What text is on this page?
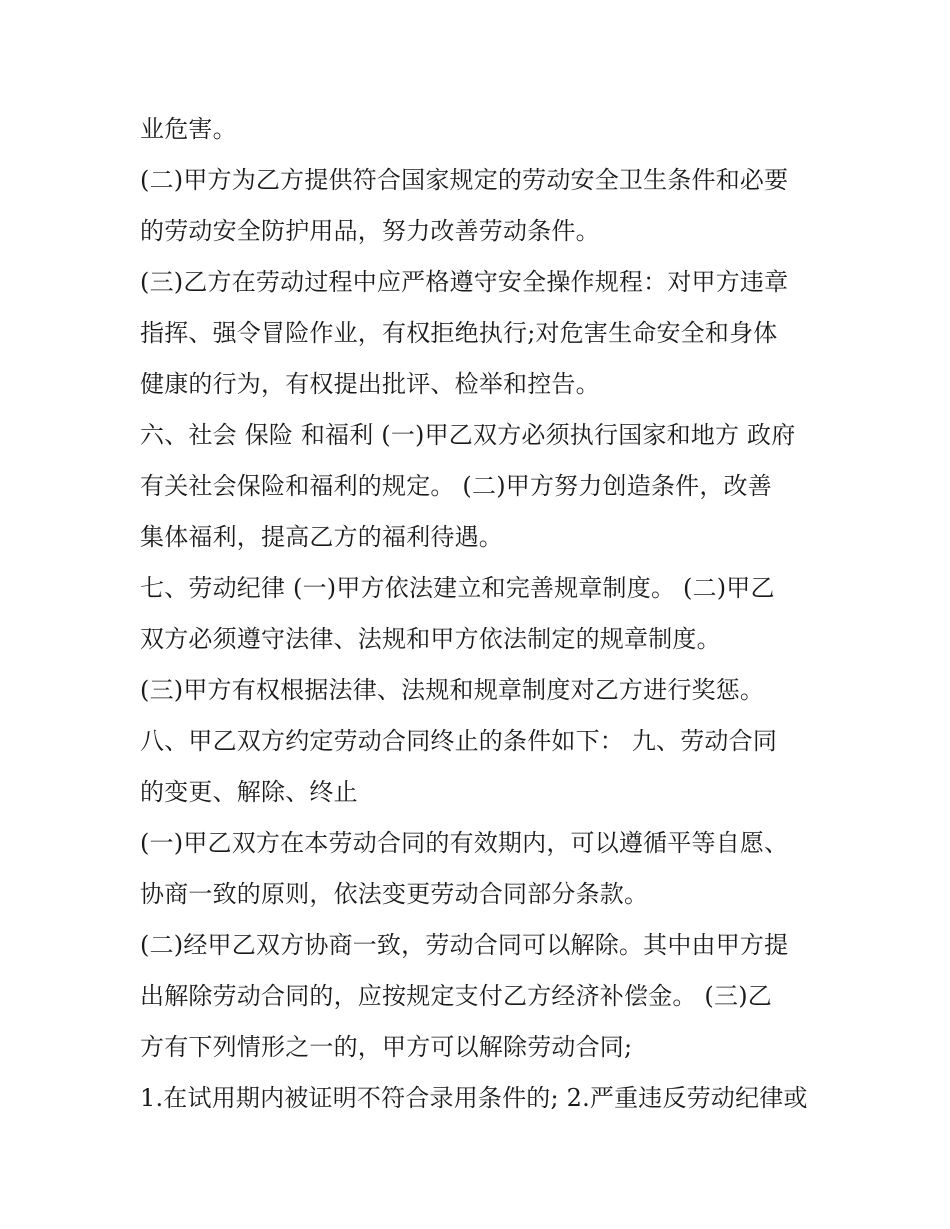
业危害。
(二)甲方为乙方提供符合国家规定的劳动安全卫生条件和必要
的劳动安全防护用品，努力改善劳动条件。
(三)乙方在劳动过程中应严格遵守安全操作规程：对甲方违章
指挥、强令冒险作业，有权拒绝执行;对危害生命安全和身体
健康的行为，有权提出批评、检举和控告。
六、社会 保险 和福利 (一)甲乙双方必须执行国家和地方 政府
有关社会保险和福利的规定。 (二)甲方努力创造条件，改善
集体福利，提高乙方的福利待遇。
七、劳动纪律 (一)甲方依法建立和完善规章制度。 (二)甲乙
双方必须遵守法律、法规和甲方依法制定的规章制度。
(三)甲方有权根据法律、法规和规章制度对乙方进行奖惩。
八、甲乙双方约定劳动合同终止的条件如下： 九、劳动合同
的变更、解除、终止
(一)甲乙双方在本劳动合同的有效期内，可以遵循平等自愿、
协商一致的原则，依法变更劳动合同部分条款。
(二)经甲乙双方协商一致，劳动合同可以解除。其中由甲方提
出解除劳动合同的，应按规定支付乙方经济补偿金。 (三)乙
方有下列情形之一的，甲方可以解除劳动合同;
1.在试用期内被证明不符合录用条件的; 2.严重违反劳动纪律或
